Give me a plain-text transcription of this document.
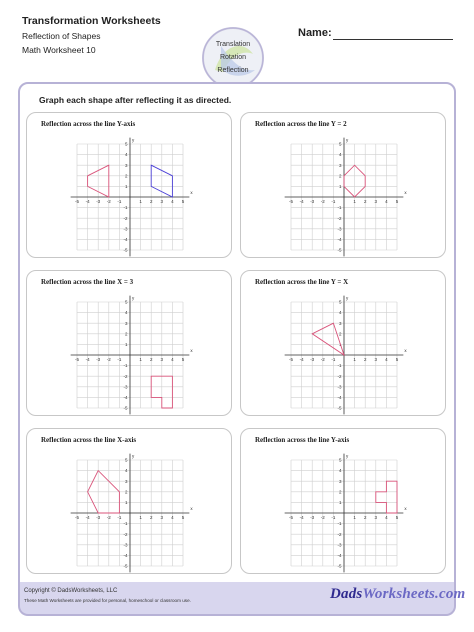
Transformation Worksheets
Reflection of Shapes
Math Worksheet 10
Translation
Rotation
Reflection
Name:
Graph each shape after reflecting it as directed.
Reflection across the line Y-axis
x
y
-5
-5
-4
-4
-3
-3
-2
-2
-1
-1
1
1
2
2
3
3
4
4
5
5
Reflection across the line Y = 2
x
y
-5
-5
-4
-4
-3
-3
-2
-2
-1
-1
1
1
2
2
3
3
4
4
5
5
Reflection across the line X = 3
x
y
-5
-5
-4
-4
-3
-3
-2
-2
-1
-1
1
1
2
2
3
3
4
4
5
5
Reflection across the line Y = X
x
y
-5
-5
-4
-4
-3
-3
-2
-2
-1
-1
1
1
2
2
3
3
4
4
5
5
Reflection across the line X-axis
x
y
-5
-5
-4
-4
-3
-3
-2
-2
-1
-1
1
1
2
2
3
3
4
4
5
5
Reflection across the line Y-axis
x
y
-5
-5
-4
-4
-3
-3
-2
-2
-1
-1
1
1
2
2
3
3
4
4
5
5
Copyright © DadsWorksheets, LLC
These Math Worksheets are provided for personal, homeschool or classroom use.	DadsWorksheets.com
